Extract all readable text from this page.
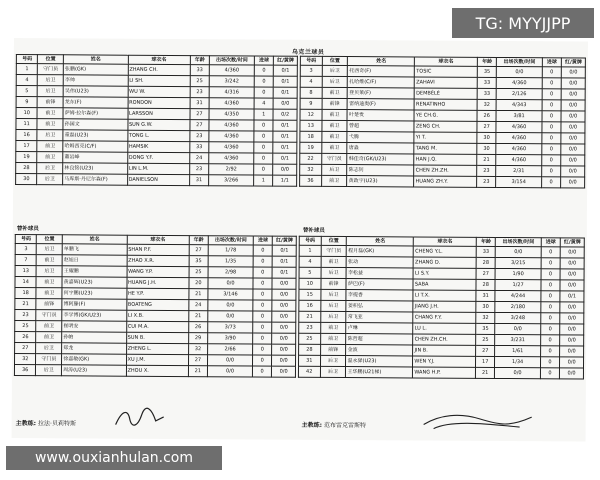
乌克兰球员
号码	位置	姓名	球衣名	年龄	出场次数/时间	进球	红/黄牌
1	守门员	张鹏(GK)	ZHANG CH.	33	4/360	0	0/1
4	后卫	李帅	LI SH.	25	3/242	0	0/1
5	后卫	吴伟(U23)	WU W.	23	4/316	0	0/1
9	前锋	龙东(F)	RONDON	31	4/360	4	0/0
10	前卫	萨姆·拉尔森(F)	LARSSON	27	4/350	1	0/2
11	前卫	孙国文	SUN G.W.	27	4/360	0	0/1
16	后卫	童磊(U23)	TONG L.	23	4/360	0	0/1
17	前卫	哈姆西克(C/F)	HAMSIK	33	4/360	0	0/1
19	前卫	董岩峰	DONG Y.F.	24	4/360	0	0/1
28	后卫	林良铭(U23)	LIN L.M.	23	2/92	0	0/0
30	后卫	马库斯·丹尼尔森(F)	DANIELSON	31	3/266	1	1/1
号码	位置	姓名	球衣名	年龄	出场次数/时间	进球	红/黄牌
3	后卫	托西奇(F)	TOSIC	35	0/0	0	0/0
4	后卫	扎哈维(C/F)	ZAHAVI	33	4/360	0	0/0
8	前卫	登贝莱(F)	DEMBÉLÉ	33	2/126	0	0/0
9	前锋	雷纳迪奥(F)	RENATINHO	32	4/343	0	0/0
12	前卫	叶楚贵	YE CH.G.	26	3/81	0	0/0
13	前卫	曾超	ZENG CH.	27	4/360	0	0/0
18	前卫	弋腾	YI T.	30	4/360	0	0/0
19	前卫	唐淼	TANG M.	30	4/360	0	0/0
22	守门员	韩佳奇(GK/U23)	HAN J.Q.	21	4/360	0	0/0
32	后卫	陈志钊	CHEN ZH.ZH.	23	2/31	0	0/0
36	前卫	黄政宇(U23)	HUANG ZH.Y.	23	3/154	0	0/0
替补球员	替补球员
号码	位置	姓名	球衣名	年龄	出场次数/时间	进球	红/黄牌
3	后卫	单鹏飞	SHAN P.F.	27	1/78	0	0/1
7	前卫	赵旭日	ZHAO X.R.	35	1/35	0	0/1
13	后卫	王耀鹏	WANG Y.P.	25	2/98	0	0/1
14	前卫	黄嘉辉(U23)	HUANG J.H.	20	0/0	0	0/0
18	前卫	何宇鹏(U23)	HE Y.P.	21	3/146	0	0/0
21	前锋	博阿滕(F)	BOATENG	24	0/0	0	0/0
23	守门员	李学博(GK/U23)	LI X.B.	21	0/0	0	0/0
25	前卫	崔明安	CUI M.A.	26	3/73	0	0/0
26	前卫	孙帕	SUN B.	29	3/90	0	0/0
27	后卫	郑龙	ZHENG L.	32	2/66	0	0/0
32	守门员	徐嘉敏(GK)	XU J.M.	27	0/0	0	0/0
36	后卫	周涛(U23)	ZHOU X.	21	0/0	0	0/0
号码	位置	姓名	球衣名	年龄	出场次数/时间	进球	红/黄牌
1	守门员	程月磊(GK)	CHENG Y.L.	33	0/0	0	0/0
4	前卫	张动	ZHANG D.	28	3/215	0	0/0
5	后卫	李松益	LI S.Y.	27	1/90	0	0/0
10	前锋	萨巴(F)	SABA	28	1/27	0	0/0
15	后卫	李提香	LI T.X.	31	4/244	0	0/1
16	后卫	姜积弘	JIANG J.H.	30	2/180	0	0/0
21	后卫	常飞亚	CHANG F.Y.	32	3/248	0	0/0
23	前卫	卢琳	LU L.	35	0/0	0	0/0
25	前卫	陈哲超	CHEN ZH.CH.	25	3/231	0	0/0
28	前锋	金波	JIN B.	27	1/61	0	0/0
31	后卫	温永驿(U23)	WEN Y.J.	17	1/34	0	0/0
42	后卫	王华鹏(U21梯)	WANG H.P.	21	0/0	0	0/0
主教练: 拉法·贝莉特斯	主教练: 范布雷克雷斯特
TG: MYYJJPP
www.ouxianhulan.com
